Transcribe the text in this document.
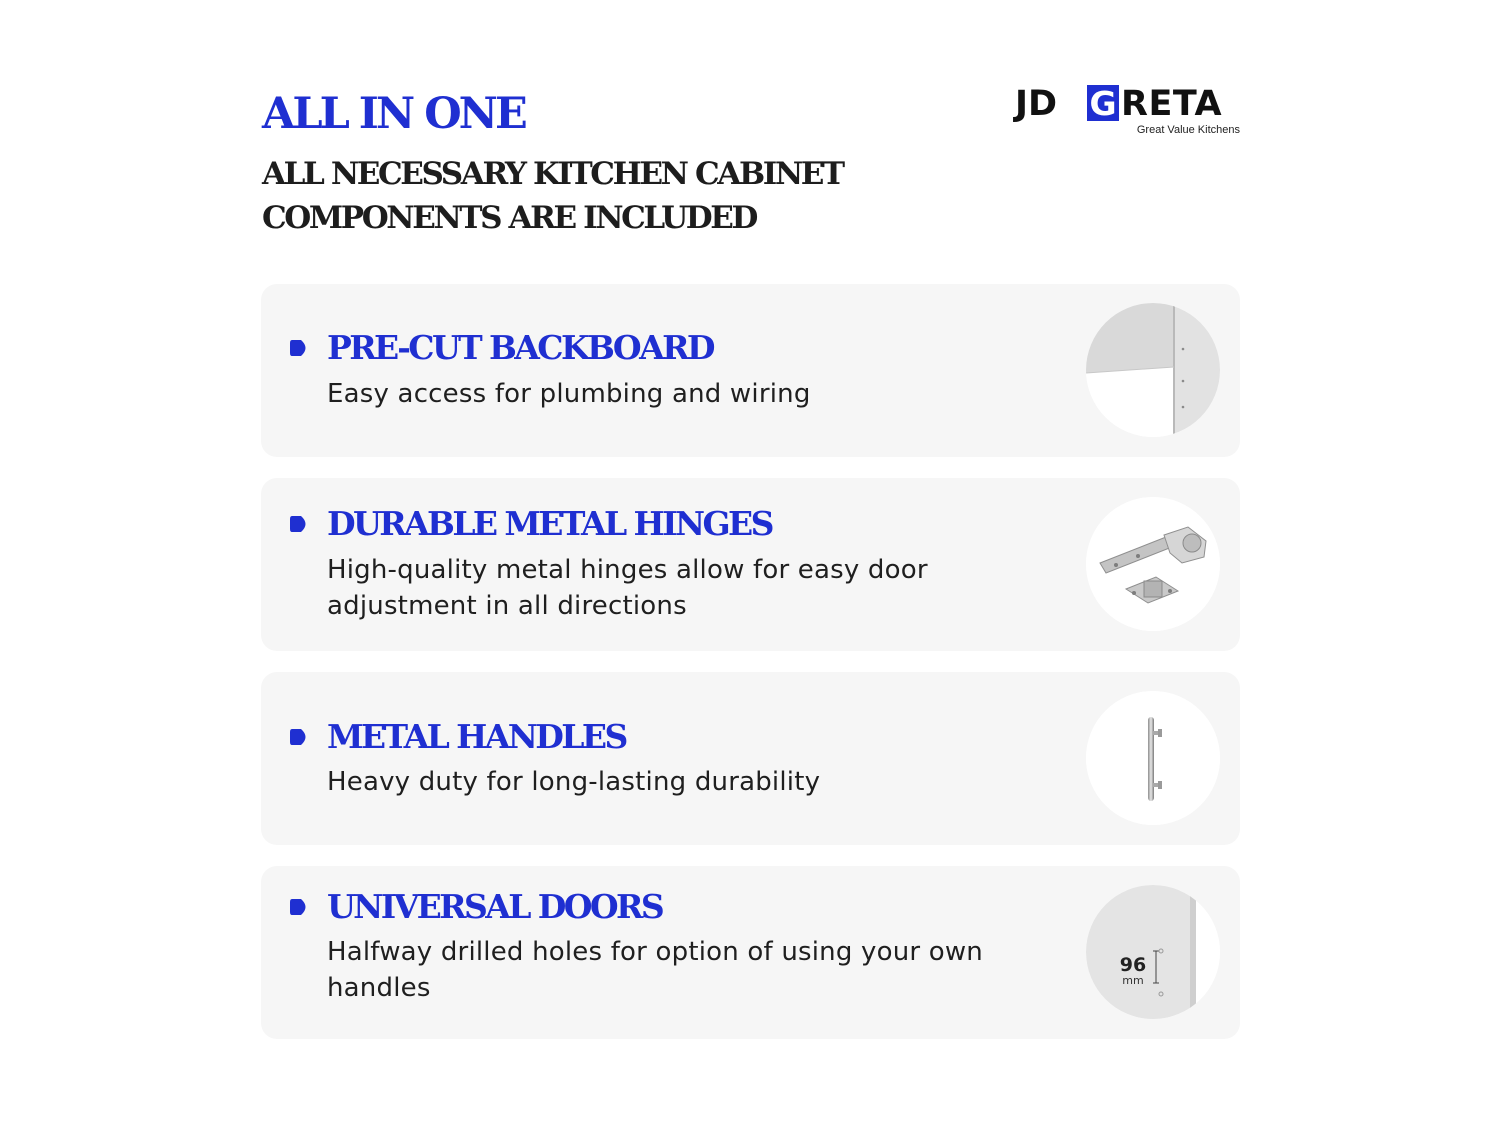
ALL IN ONE
ALL NECESSARY KITCHEN CABINET COMPONENTS ARE INCLUDED
JD G RETA
Great Value Kitchens
PRE-CUT BACKBOARD

Easy access for plumbing and wiring

DURABLE METAL HINGES

High-quality metal hinges allow for easy door adjustment in all directions

METAL HANDLES

Heavy duty for long-lasting durability

UNIVERSAL DOORS

Halfway drilled holes for option of using your own handles

96
mm
